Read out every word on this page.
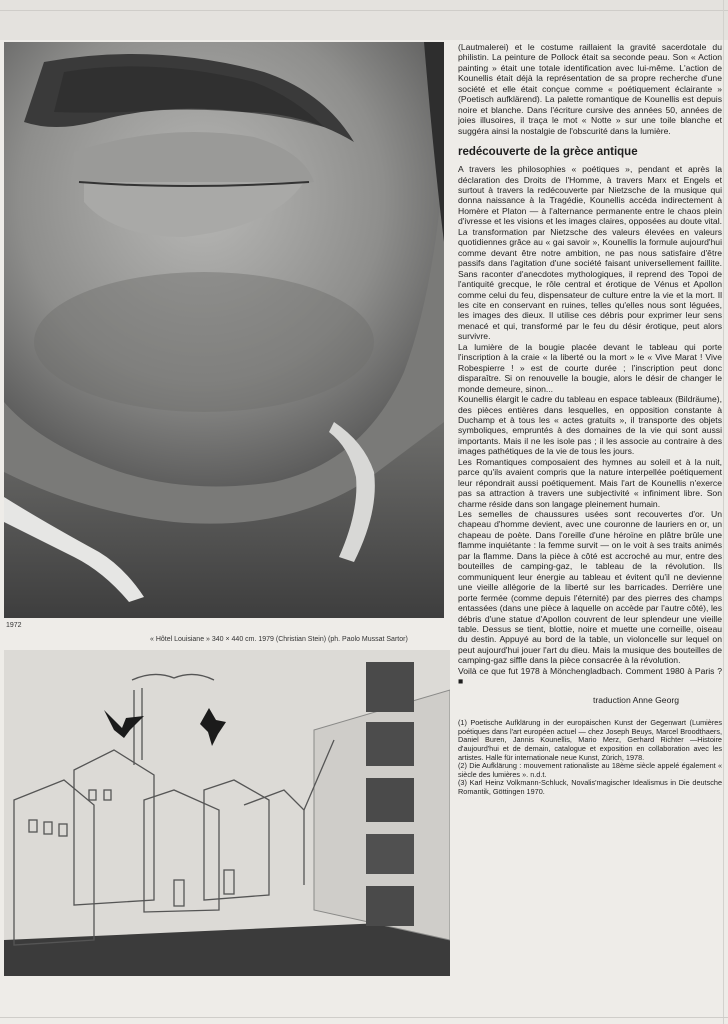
1972
« Hôtel Louisiane » 340 × 440 cm. 1979 (Christian Stein) (ph. Paolo Mussat Sartor)

(Lautmalerei) et le costume raillaient la gravité sacerdotale du philistin. La peinture de Pollock était sa seconde peau. Son « Action painting » était une totale identification avec lui-même. L'action de Kounellis était déjà la représentation de sa propre recherche d'une société et elle était conçue comme « poétiquement éclairante » (Poetisch aufklärend). La palette romantique de Kounellis est depuis noire et blanche. Dans l'écriture cursive des années 50, années de joies illusoires, il traça le mot « Notte » sur une toile blanche et suggéra ainsi la nostalgie de l'obscurité dans la lumière.

redécouverte de la grèce antique

A travers les philosophies « poétiques », pendant et après la déclaration des Droits de l'Homme, à travers Marx et Engels et surtout à travers la redécouverte par Nietzsche de la musique qui donna naissance à la Tragédie, Kounellis accéda indirectement à Homère et Platon — à l'alternance permanente entre le chaos plein d'ivresse et les visions et les images claires, opposées au doute vital. La transformation par Nietzsche des valeurs élevées en valeurs quotidiennes grâce au « gai savoir », Kounellis la formule aujourd'hui comme devant être notre ambition, ne pas nous satisfaire d'être passifs dans l'agitation d'une société faisant universellement faillite. Sans raconter d'anecdotes mythologiques, il reprend des Topoi de l'antiquité grecque, le rôle central et érotique de Vénus et Apollon comme celui du feu, dispensateur de culture entre la vie et la mort. Il les cite en conservant en ruines, telles qu'elles nous sont léguées, les images des dieux. Il utilise ces débris pour exprimer leur sens menacé et qui, transformé par le feu du désir érotique, peut alors survivre.

La lumière de la bougie placée devant le tableau qui porte l'inscription à la craie « la liberté ou la mort » le « Vive Marat ! Vive Robespierre ! » est de courte durée ; l'inscription peut donc disparaître. Si on renouvelle la bougie, alors le désir de changer le monde demeure, sinon...

Kounellis élargit le cadre du tableau en espace tableaux (Bildräume), des pièces entières dans lesquelles, en opposition constante à Duchamp et à tous les « actes gratuits », il transporte des objets symboliques, empruntés à des domaines de la vie qui sont aussi importants. Mais il ne les isole pas ; il les associe au contraire à des images pathétiques de la vie de tous les jours.

Les Romantiques composaient des hymnes au soleil et à la nuit, parce qu'ils avaient compris que la nature interpellée poétiquement leur répondrait aussi poétiquement. Mais l'art de Kounellis n'exerce pas sa attraction à travers une subjectivité « infiniment libre. Son charme réside dans son langage pleinement humain.

Les semelles de chaussures usées sont recouvertes d'or. Un chapeau d'homme devient, avec une couronne de lauriers en or, un chapeau de poète. Dans l'oreille d'une héroïne en plâtre brûle une flamme inquiétante : la femme survit — on le voit à ses traits animés par la flamme. Dans la pièce à côté est accroché au mur, entre des bouteilles de camping-gaz, le tableau de la révolution. Ils communiquent leur énergie au tableau et évitent qu'il ne devienne une vieille allégorie de la liberté sur les barricades. Derrière une porte fermée (comme depuis l'éternité) par des pierres des champs entassées (dans une pièce à laquelle on accède par l'autre côté), les débris d'une statue d'Apollon couvrent de leur splendeur une vieille table. Dessus se tient, blottie, noire et muette une corneille, oiseau du destin. Appuyé au bord de la table, un violoncelle sur lequel on peut aujourd'hui jouer l'art du dieu. Mais la musique des bouteilles de camping-gaz siffle dans la pièce consacrée à la révolution.

Voilà ce que fut 1978 à Mönchengladbach. Comment 1980 à Paris ? ■

traduction Anne Georg

(1) Poetische Aufklärung in der europäischen Kunst der Gegenwart (Lumières poétiques dans l'art européen actuel — chez Joseph Beuys, Marcel Broodthaers, Daniel Buren, Jannis Kounellis, Mario Merz, Gerhard Richter —Histoire d'aujourd'hui et de demain, catalogue et exposition en collaboration avec les artistes. Halle für internationale neue Kunst, Zürich, 1978.

(2) Die Aufklärung : mouvement rationaliste au 18ème siècle appelé également « siècle des lumières ». n.d.t.

(3) Karl Heinz Volkmann-Schluck, Novalis'magischer Idealismus in Die deutsche Romantik, Göttingen 1970.
